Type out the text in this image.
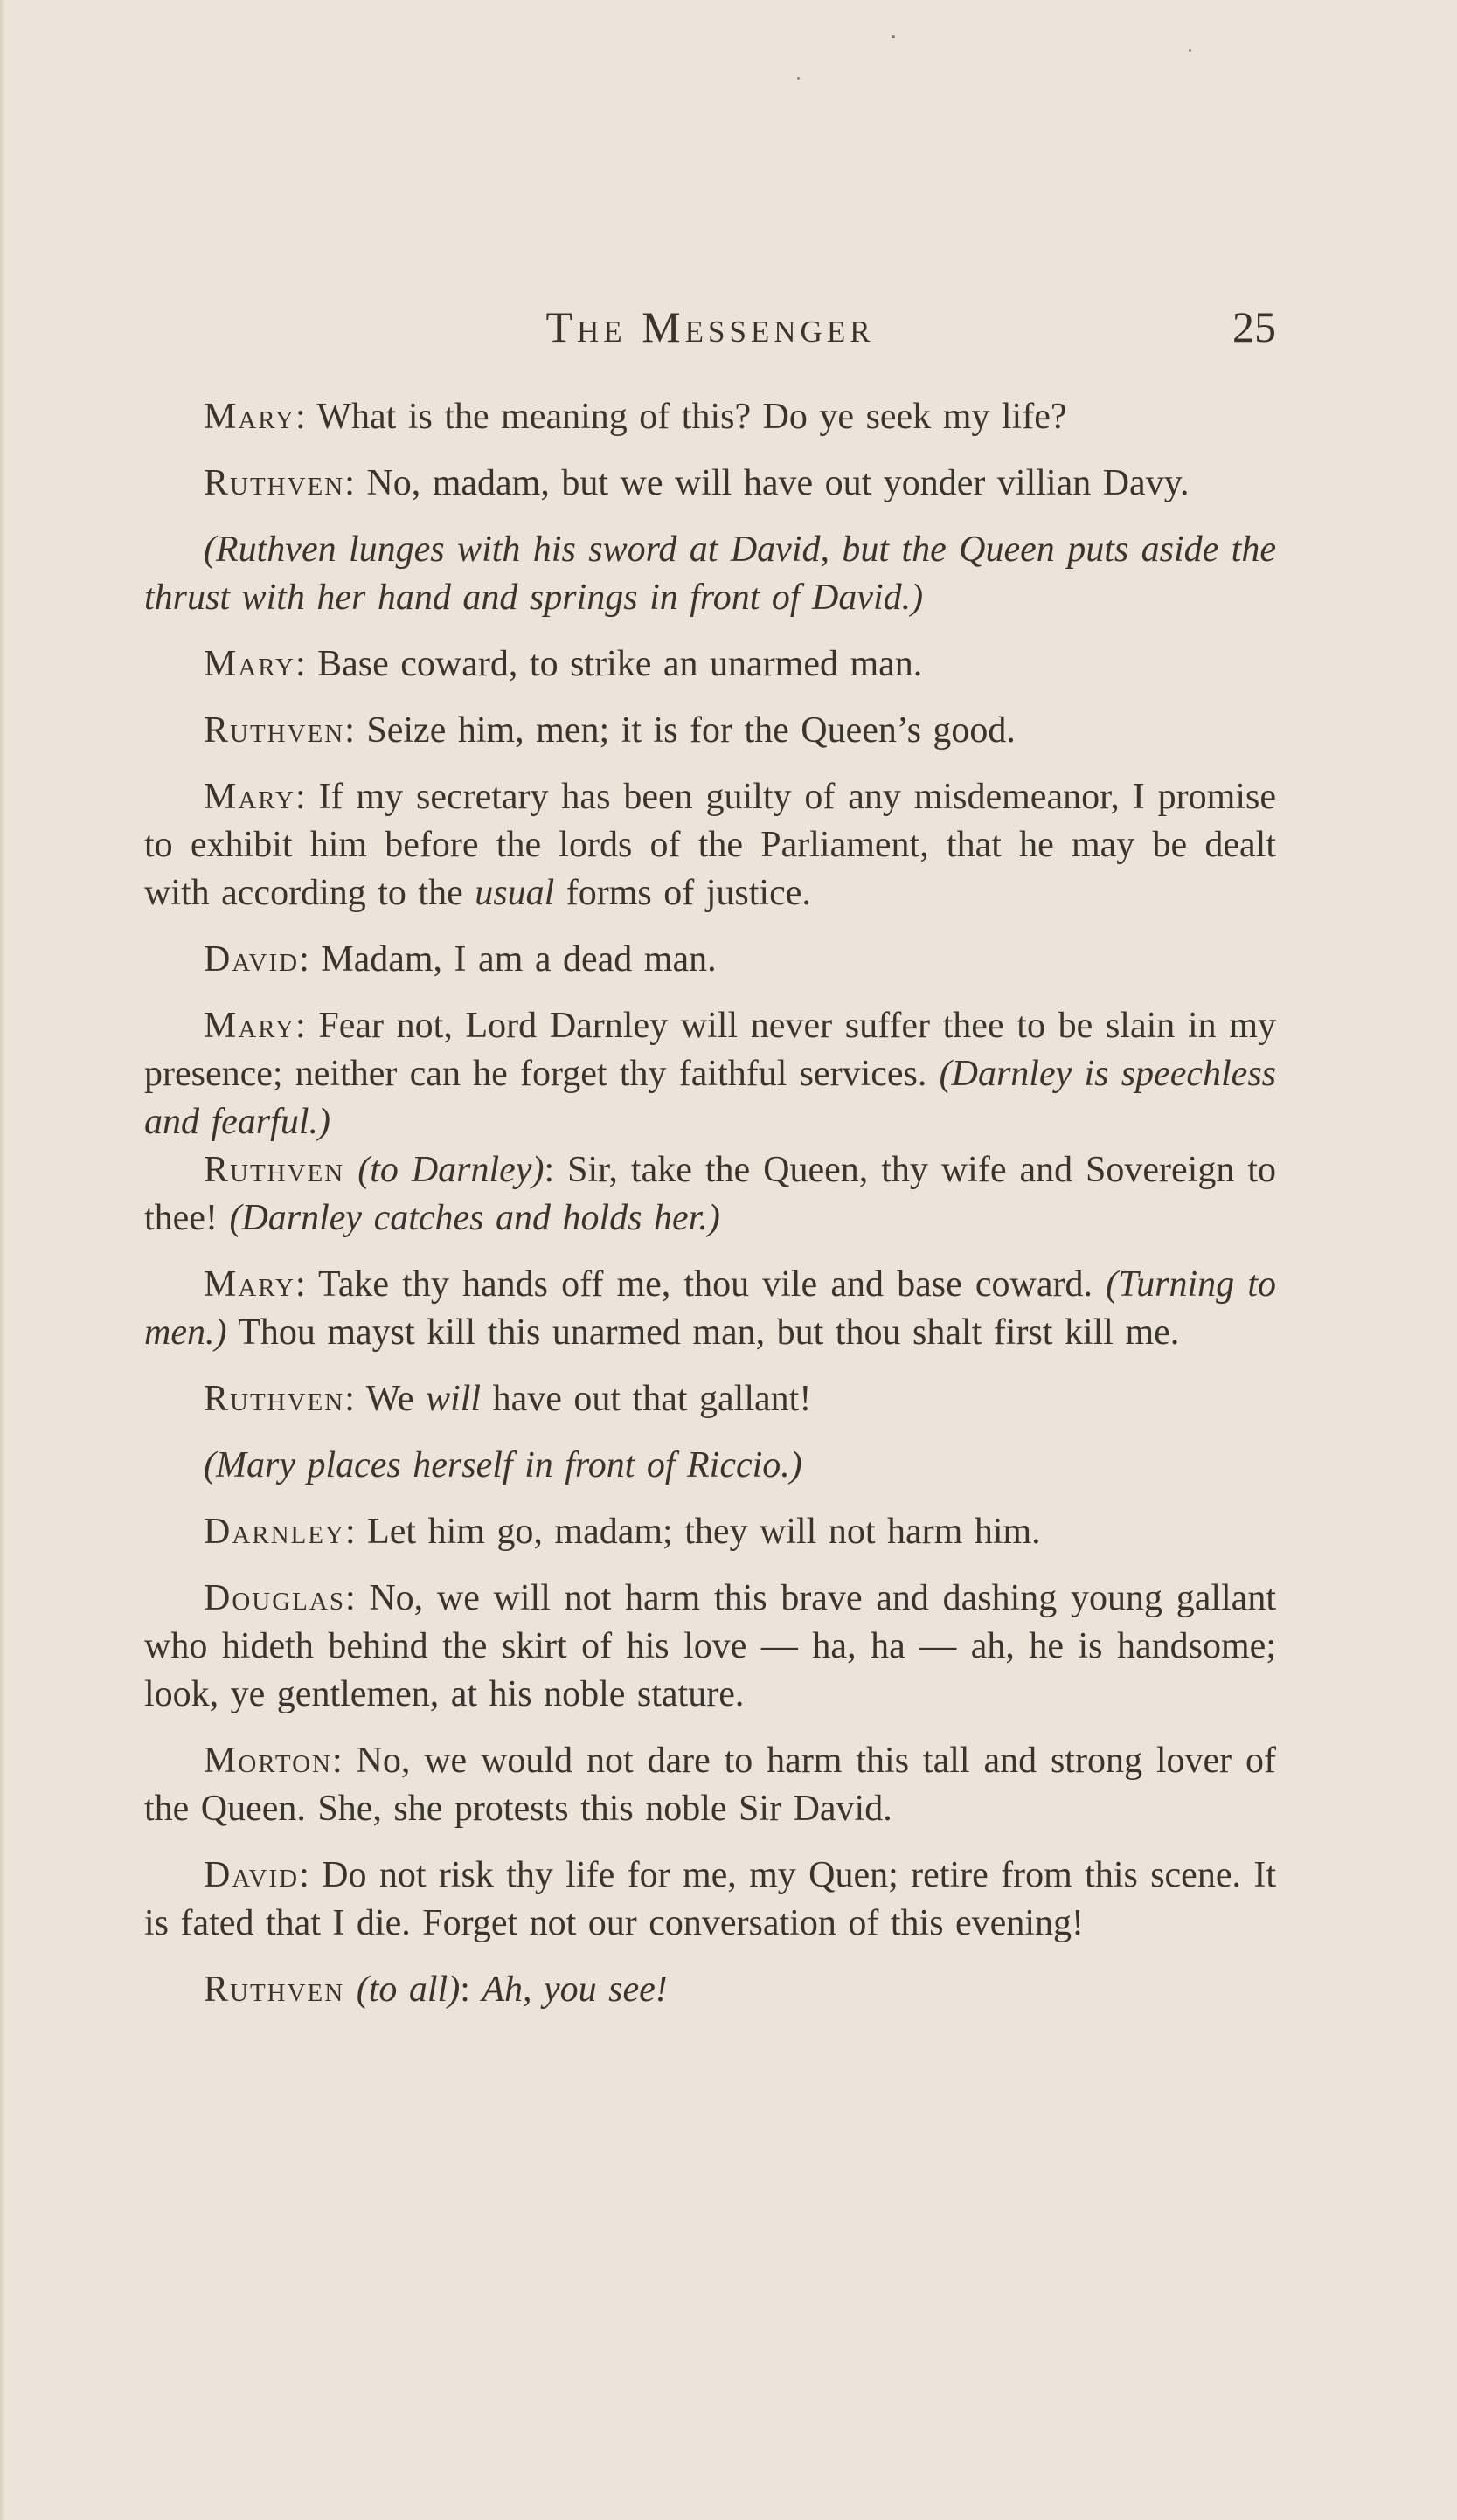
The Messenger	25

Mary: What is the meaning of this? Do ye seek my life?

Ruthven: No, madam, but we will have out yonder villian Davy.

(Ruthven lunges with his sword at David, but the Queen puts aside the thrust with her hand and springs in front of David.)

Mary: Base coward, to strike an unarmed man.

Ruthven: Seize him, men; it is for the Queen’s good.

Mary: If my secretary has been guilty of any misdemeanor, I promise to exhibit him before the lords of the Parliament, that he may be dealt with according to the usual forms of justice.

David: Madam, I am a dead man.

Mary: Fear not, Lord Darnley will never suffer thee to be slain in my presence; neither can he forget thy faithful services. (Darnley is speechless and fearful.)

Ruthven (to Darnley): Sir, take the Queen, thy wife and Sovereign to thee! (Darnley catches and holds her.)

Mary: Take thy hands off me, thou vile and base coward. (Turning to men.) Thou mayst kill this unarmed man, but thou shalt first kill me.

Ruthven: We will have out that gallant!

(Mary places herself in front of Riccio.)

Darnley: Let him go, madam; they will not harm him.

Douglas: No, we will not harm this brave and dashing young gallant who hideth behind the skirt of his love — ha, ha — ah, he is handsome; look, ye gentlemen, at his noble stature.

Morton: No, we would not dare to harm this tall and strong lover of the Queen. She, she protests this noble Sir David.

David: Do not risk thy life for me, my Quen; retire from this scene. It is fated that I die. Forget not our conversation of this evening!

Ruthven (to all): Ah, you see!
